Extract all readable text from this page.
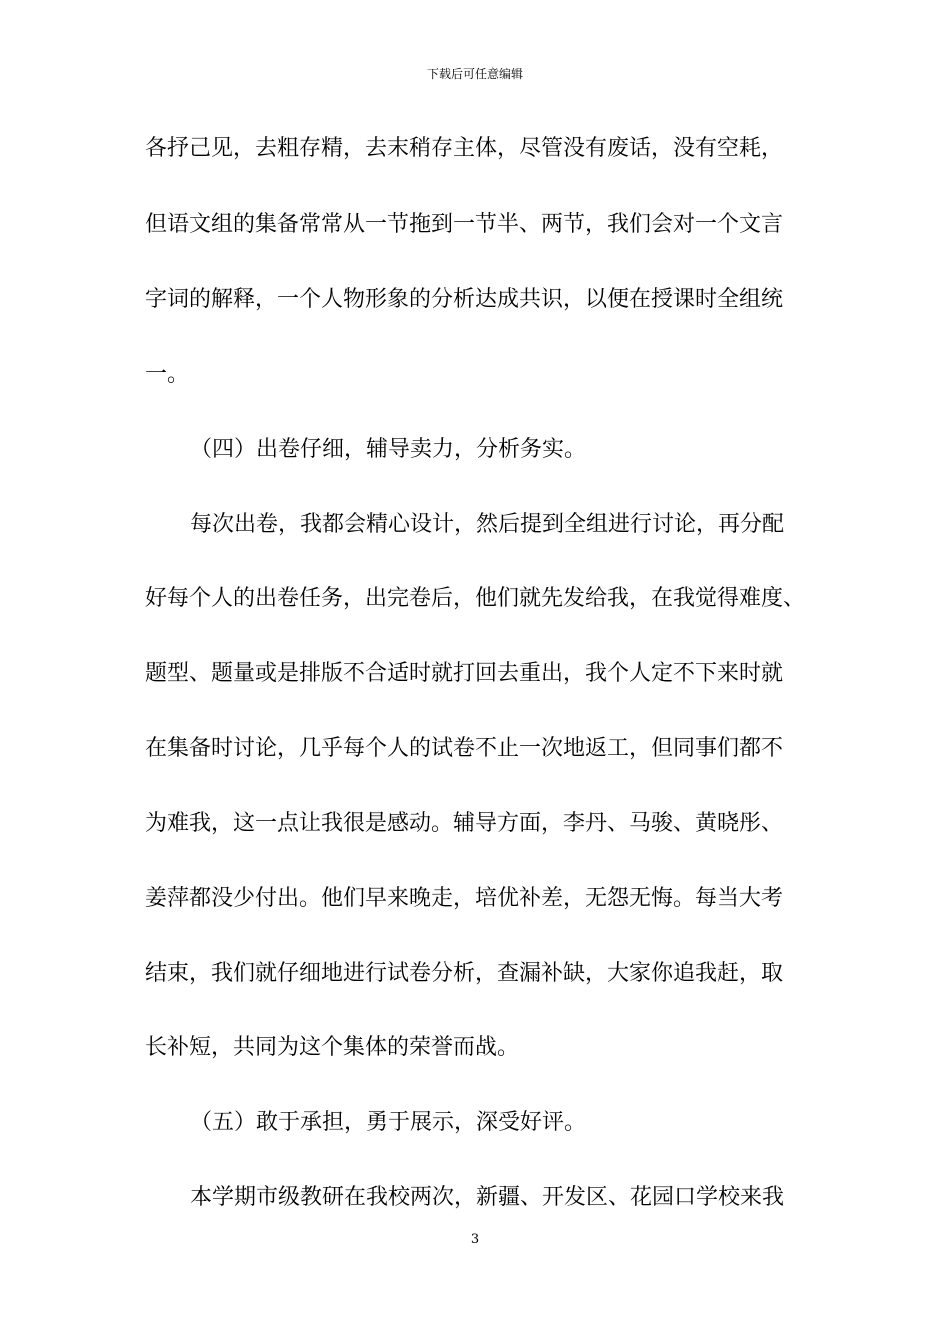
下载后可任意编辑
各抒己见，去粗存精，去末稍存主体，尽管没有废话，没有空耗，
但语文组的集备常常从一节拖到一节半、两节，我们会对一个文言
字词的解释，一个人物形象的分析达成共识，以便在授课时全组统
一。
（四）出卷仔细，辅导卖力，分析务实。
每次出卷，我都会精心设计，然后提到全组进行讨论，再分配
好每个人的出卷任务，出完卷后，他们就先发给我，在我觉得难度、
题型、题量或是排版不合适时就打回去重出，我个人定不下来时就
在集备时讨论，几乎每个人的试卷不止一次地返工，但同事们都不
为难我，这一点让我很是感动。辅导方面，李丹、马骏、黄晓彤、
姜萍都没少付出。他们早来晚走，培优补差，无怨无悔。每当大考
结束，我们就仔细地进行试卷分析，查漏补缺，大家你追我赶，取
长补短，共同为这个集体的荣誉而战。
（五）敢于承担，勇于展示，深受好评。
本学期市级教研在我校两次，新疆、开发区、花园口学校来我
3
